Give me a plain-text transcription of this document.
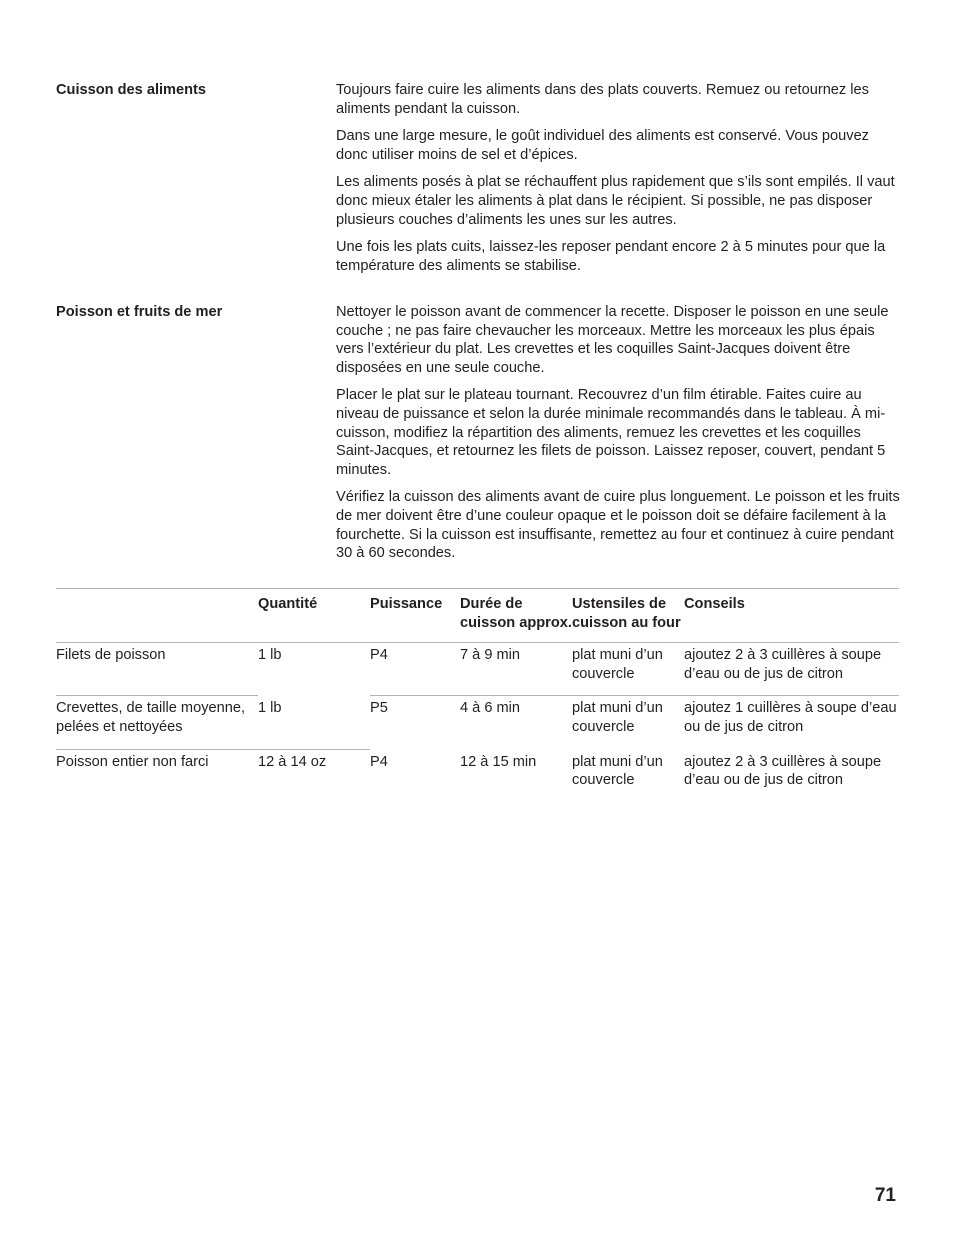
Cuisson des aliments	Toujours faire cuire les aliments dans des plats couverts. Remuez ou retournez les aliments pendant la cuisson.

Dans une large mesure, le goût individuel des aliments est conservé. Vous pouvez donc utiliser moins de sel et d’épices.

Les aliments posés à plat se réchauffent plus rapidement que s’ils sont empilés. Il vaut donc mieux étaler les aliments à plat dans le récipient. Si possible, ne pas disposer plusieurs couches d’aliments les unes sur les autres.

Une fois les plats cuits, laissez-les reposer pendant encore 2 à 5 minutes pour que la température des aliments se stabilise.

Poisson et fruits de mer	Nettoyer le poisson avant de commencer la recette. Disposer le poisson en une seule couche ; ne pas faire chevaucher les morceaux. Mettre les morceaux les plus épais vers l’extérieur du plat. Les crevettes et les coquilles Saint-Jacques doivent être disposées en une seule couche.

Placer le plat sur le plateau tournant. Recouvrez d’un film étirable. Faites cuire au niveau de puissance et selon la durée minimale recommandés dans le tableau. À mi-cuisson, modifiez la répartition des aliments, remuez les crevettes et les coquilles Saint-Jacques, et retournez les filets de poisson. Laissez reposer, couvert, pendant 5 minutes.

Vérifiez la cuisson des aliments avant de cuire plus longuement. Le poisson et les fruits de mer doivent être d’une couleur opaque et le poisson doit se défaire facilement à la fourchette. Si la cuisson est insuffisante, remettez au four et continuez à cuire pendant 30 à 60 secondes.

		Quantité		Puissance	Durée de cuisson approx.	Ustensiles de cuisson au four	Conseils
Filets de poisson		1 lb		P4	7 à 9 min	plat muni d’un couvercle	ajoutez 2 à 3 cuillères à soupe d’eau ou de jus de citron
Crevettes, de taille moyenne,
pelées et nettoyées		1 lb		P5	4 à 6 min	plat muni d’un couvercle	ajoutez 1 cuillères à soupe d’eau ou de jus de citron
Poisson entier non farci		12 à 14 oz		P4	12 à 15 min	plat muni d’un couvercle	ajoutez 2 à 3 cuillères à soupe d’eau ou de jus de citron
71
